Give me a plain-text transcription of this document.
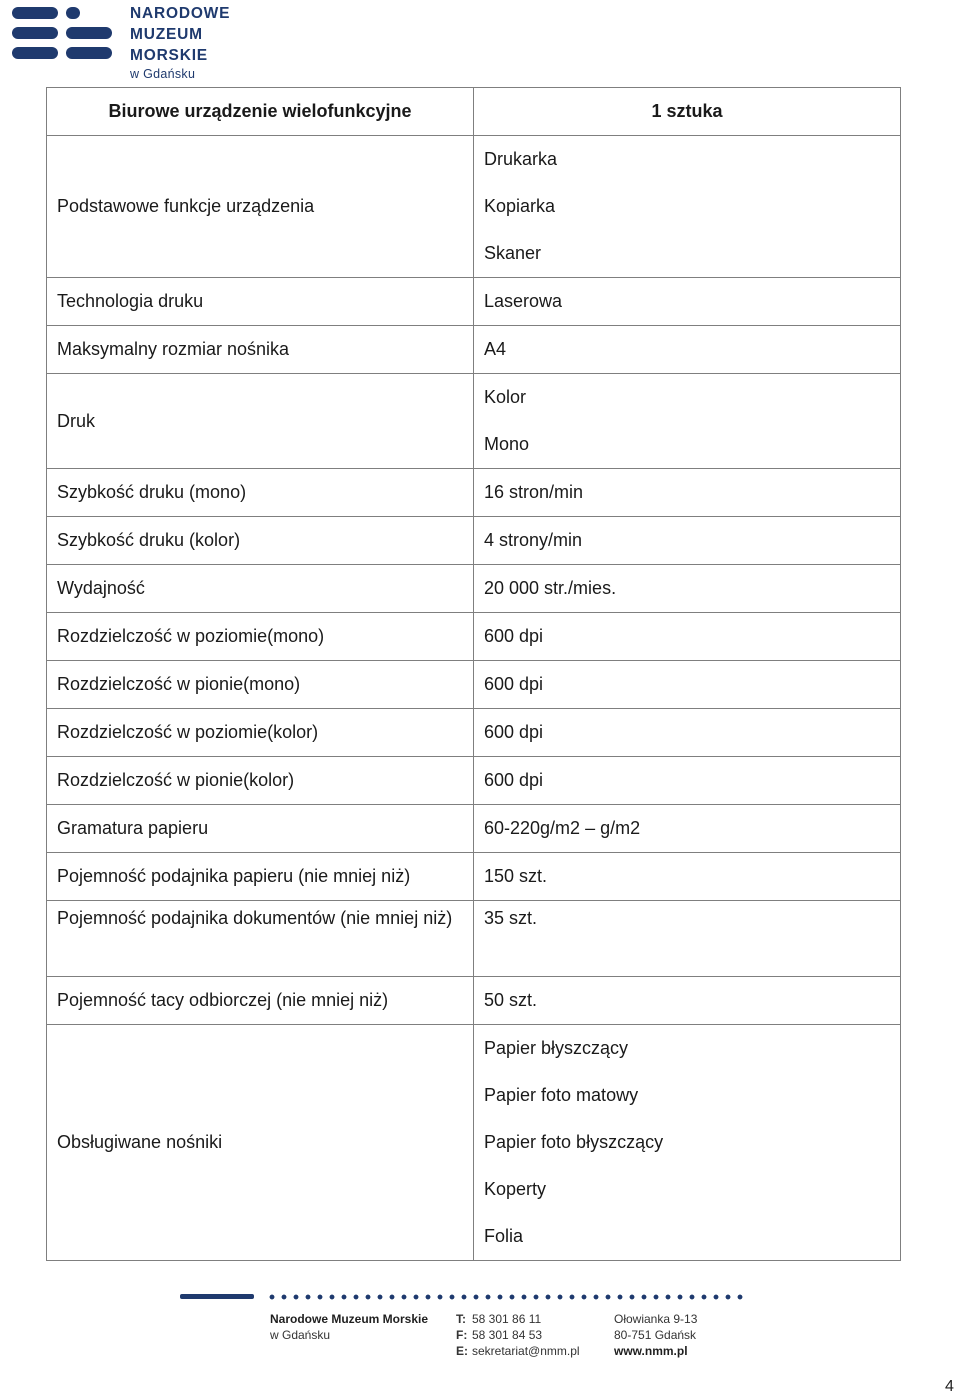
NARODOWE
MUZEUM
MORSKIE
w Gdańsku
Biurowe urządzenie wielofunkcyjne	1 sztuka
Podstawowe funkcje urządzenia	Drukarka
Kopiarka
Skaner

Technologia druku	Laserowa
Maksymalny rozmiar nośnika	A4
Druk	Kolor
Mono

Szybkość druku (mono)	16 stron/min
Szybkość druku (kolor)	4 strony/min
Wydajność	20 000 str./mies.
Rozdzielczość w poziomie(mono)	600 dpi
Rozdzielczość w pionie(mono)	600 dpi
Rozdzielczość w poziomie(kolor)	600 dpi
Rozdzielczość w pionie(kolor)	600 dpi
Gramatura papieru	60-220g/m2 – g/m2
Pojemność podajnika papieru (nie mniej niż)	150 szt.

Pojemność podajnika dokumentów (nie mniej niż)	35 szt.

Pojemność tacy odbiorczej (nie mniej niż)	50 szt.
Obsługiwane nośniki	Papier błyszczący
Papier foto matowy
Papier foto błyszczący
Koperty
Folia
Narodowe Muzeum Morskie
w Gdańsku
T: 58 301 86 11
F: 58 301 84 53
E: sekretariat@nmm.pl
Ołowianka 9-13
80-751 Gdańsk
www.nmm.pl
4
